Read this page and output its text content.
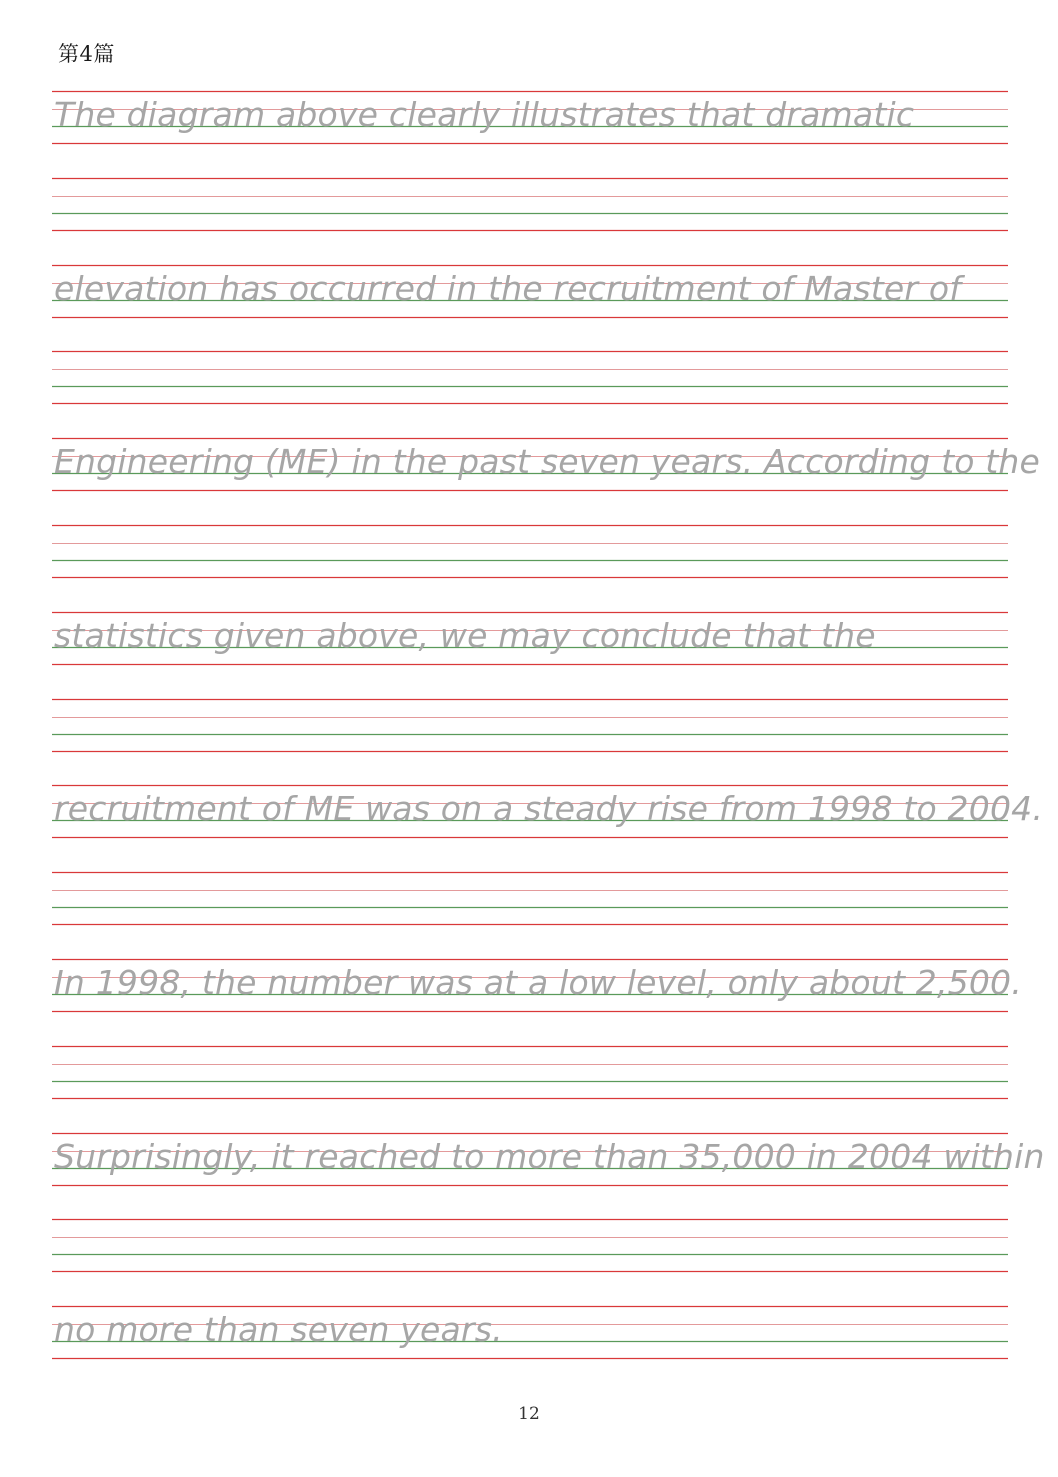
第4篇
The diagram above clearly illustrates that dramatic
elevation has occurred in the recruitment of Master of
Engineering (ME) in the past seven years. According to the
statistics given above, we may conclude that the
recruitment of ME was on a steady rise from 1998 to 2004.
In 1998, the number was at a low level, only about 2,500.
Surprisingly, it reached to more than 35,000 in 2004 within
no more than seven years.
12
